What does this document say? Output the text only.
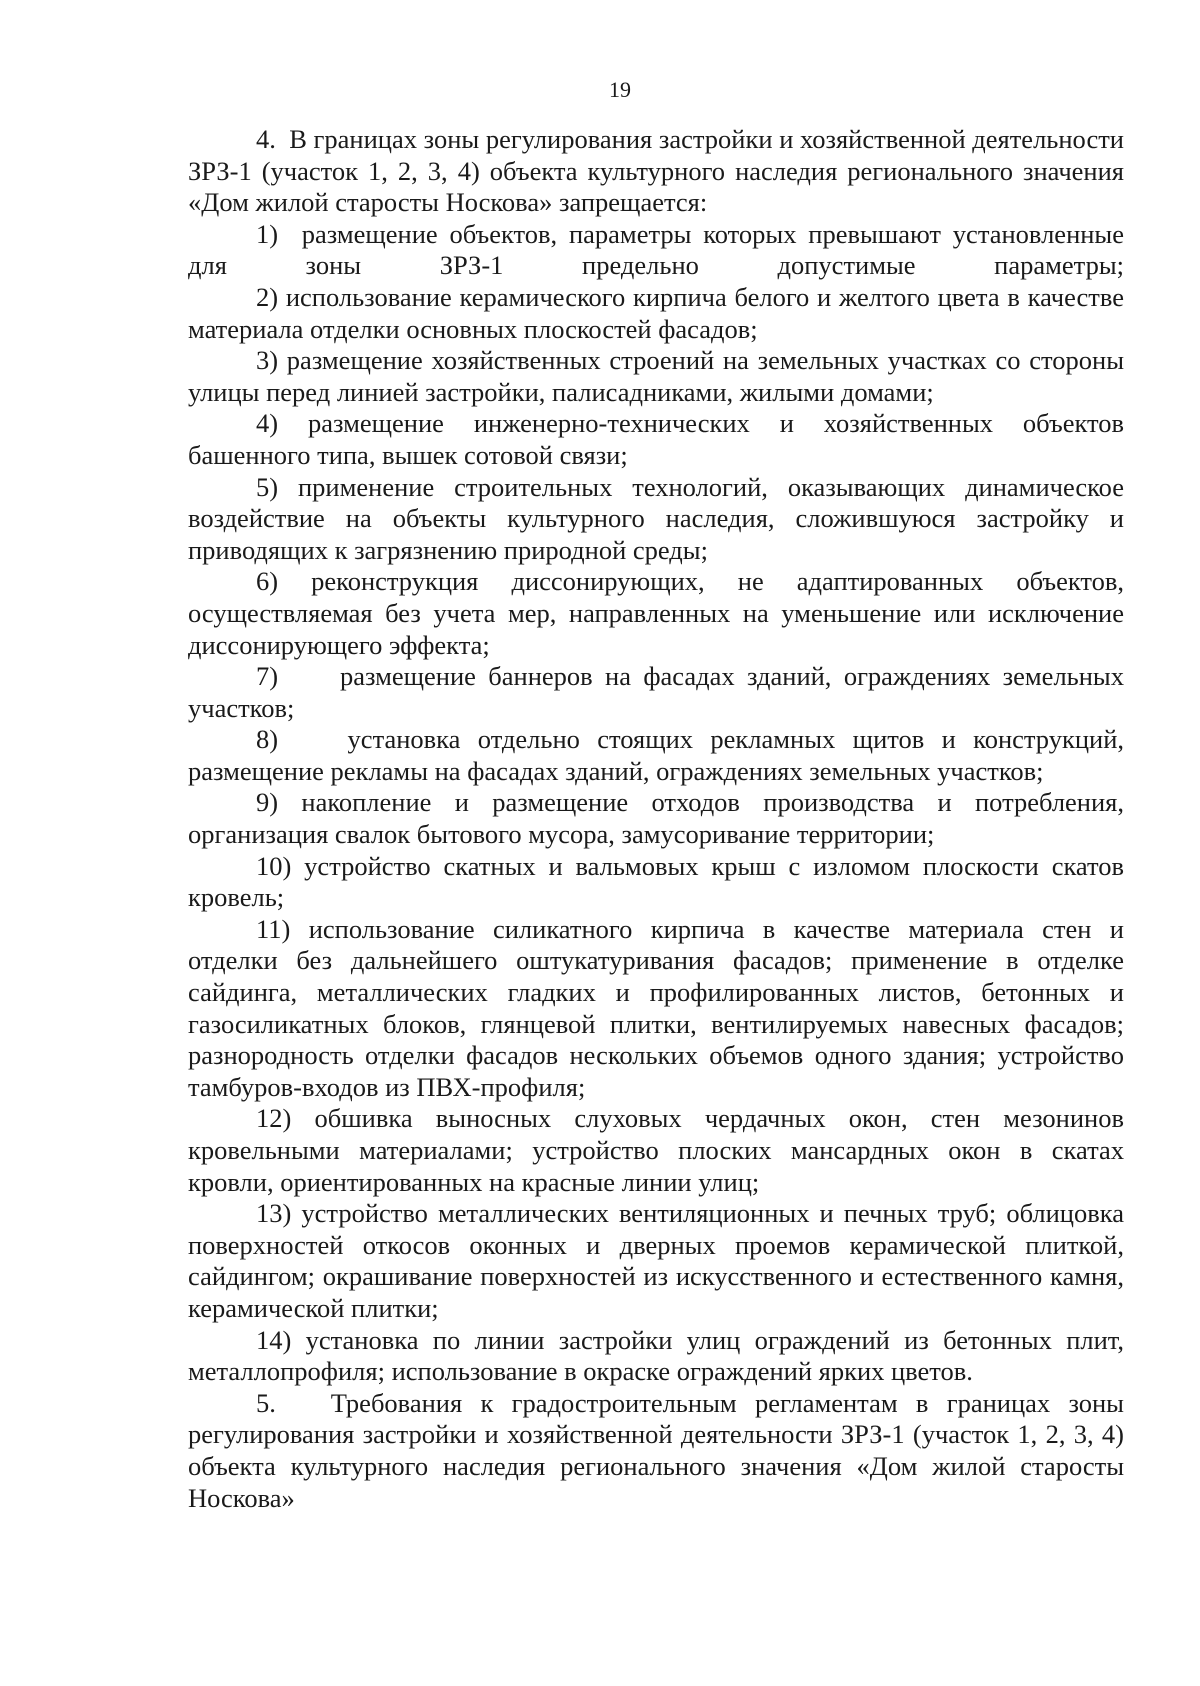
19

4.  В границах зоны регулирования застройки и хозяйственной деятельности ЗРЗ-1 (участок 1, 2, 3, 4) объекта культурного наследия регионального значения «Дом жилой старосты Носкова» запрещается:

1)  размещение объектов, параметры которых превышают установленные для зоны ЗРЗ-1 предельно допустимые параметры;

2) использование керамического кирпича белого и желтого цвета в качестве материала отделки основных плоскостей фасадов;

3) размещение хозяйственных строений на земельных участках со стороны улицы перед линией застройки, палисадниками, жилыми домами;

4) размещение инженерно-технических и хозяйственных объектов башенного типа, вышек сотовой связи;

5) применение строительных технологий, оказывающих динамическое воздействие на объекты культурного наследия, сложившуюся застройку и приводящих к загрязнению природной среды;

6) реконструкция диссонирующих, не адаптированных объектов, осуществляемая без учета мер, направленных на уменьшение или исключение диссонирующего эффекта;

7)     размещение баннеров на фасадах зданий, ограждениях земельных участков;

8)    установка отдельно стоящих рекламных щитов и конструкций, размещение рекламы на фасадах зданий, ограждениях земельных участков;

9) накопление и размещение отходов производства и потребления, организация свалок бытового мусора, замусоривание территории;

10) устройство скатных и вальмовых крыш с изломом плоскости скатов кровель;

11) использование силикатного кирпича в качестве материала стен и отделки без дальнейшего оштукатуривания фасадов; применение в отделке сайдинга, металлических гладких и профилированных листов, бетонных и газосиликатных блоков, глянцевой плитки, вентилируемых навесных фасадов; разнородность отделки фасадов нескольких объемов одного здания; устройство тамбуров-входов из ПВХ-профиля;

12) обшивка выносных слуховых чердачных окон, стен мезонинов кровельными материалами; устройство плоских мансардных окон в скатах кровли, ориентированных на красные линии улиц;

13) устройство металлических вентиляционных и печных труб; облицовка поверхностей откосов оконных и дверных проемов керамической плиткой, сайдингом; окрашивание поверхностей из искусственного и естественного камня, керамической плитки;

14) установка по линии застройки улиц ограждений из бетонных плит, металлопрофиля; использование в окраске ограждений ярких цветов.

5.   Требования к градостроительным регламентам в границах зоны регулирования застройки и хозяйственной деятельности ЗРЗ-1 (участок 1, 2, 3, 4) объекта культурного наследия регионального значения «Дом жилой старосты Носкова»
